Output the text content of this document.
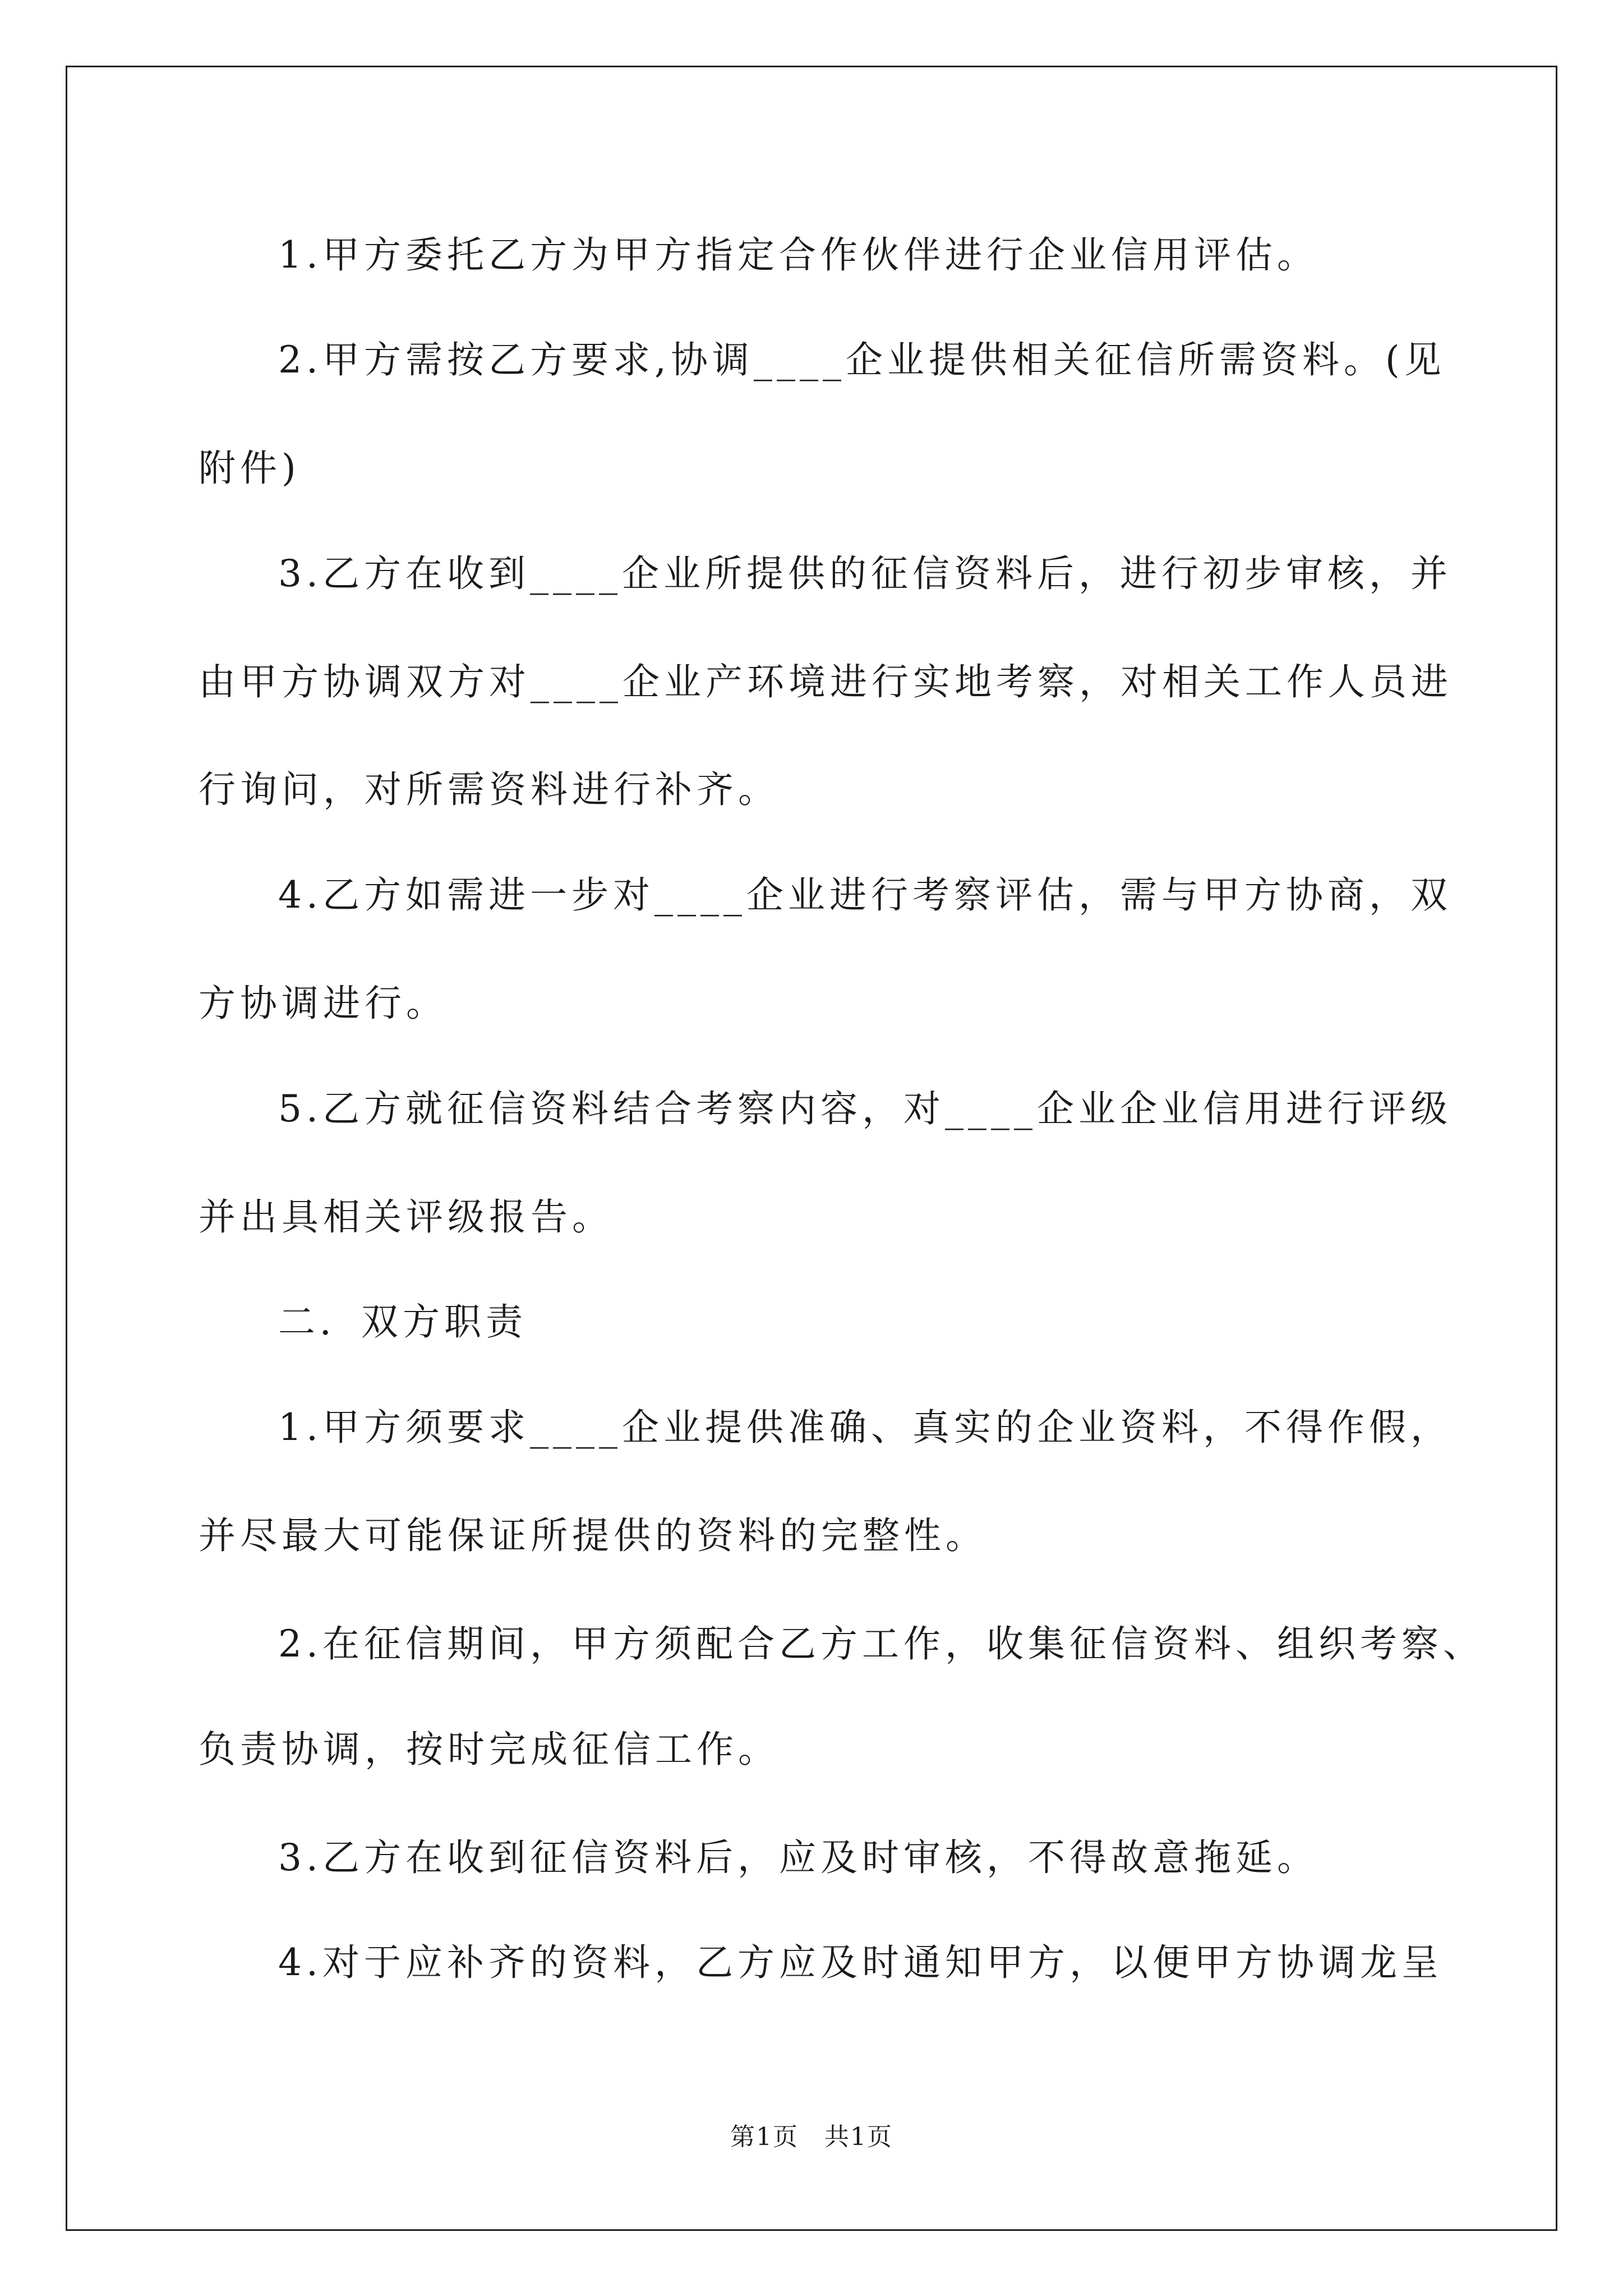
1.甲方委托乙方为甲方指定合作伙伴进行企业信用评估。
2.甲方需按乙方要求,协调____企业提供相关征信所需资料。(见
附件)
3.乙方在收到____企业所提供的征信资料后，进行初步审核，并
由甲方协调双方对____企业产环境进行实地考察，对相关工作人员进
行询问，对所需资料进行补齐。
4.乙方如需进一步对____企业进行考察评估，需与甲方协商，双
方协调进行。
5.乙方就征信资料结合考察内容，对____企业企业信用进行评级
并出具相关评级报告。
二．双方职责
1.甲方须要求____企业提供准确、真实的企业资料，不得作假，
并尽最大可能保证所提供的资料的完整性。
2.在征信期间，甲方须配合乙方工作，收集征信资料、组织考察、
负责协调，按时完成征信工作。
3.乙方在收到征信资料后，应及时审核，不得故意拖延。
4.对于应补齐的资料，乙方应及时通知甲方，以便甲方协调龙呈
第1页　共1页
